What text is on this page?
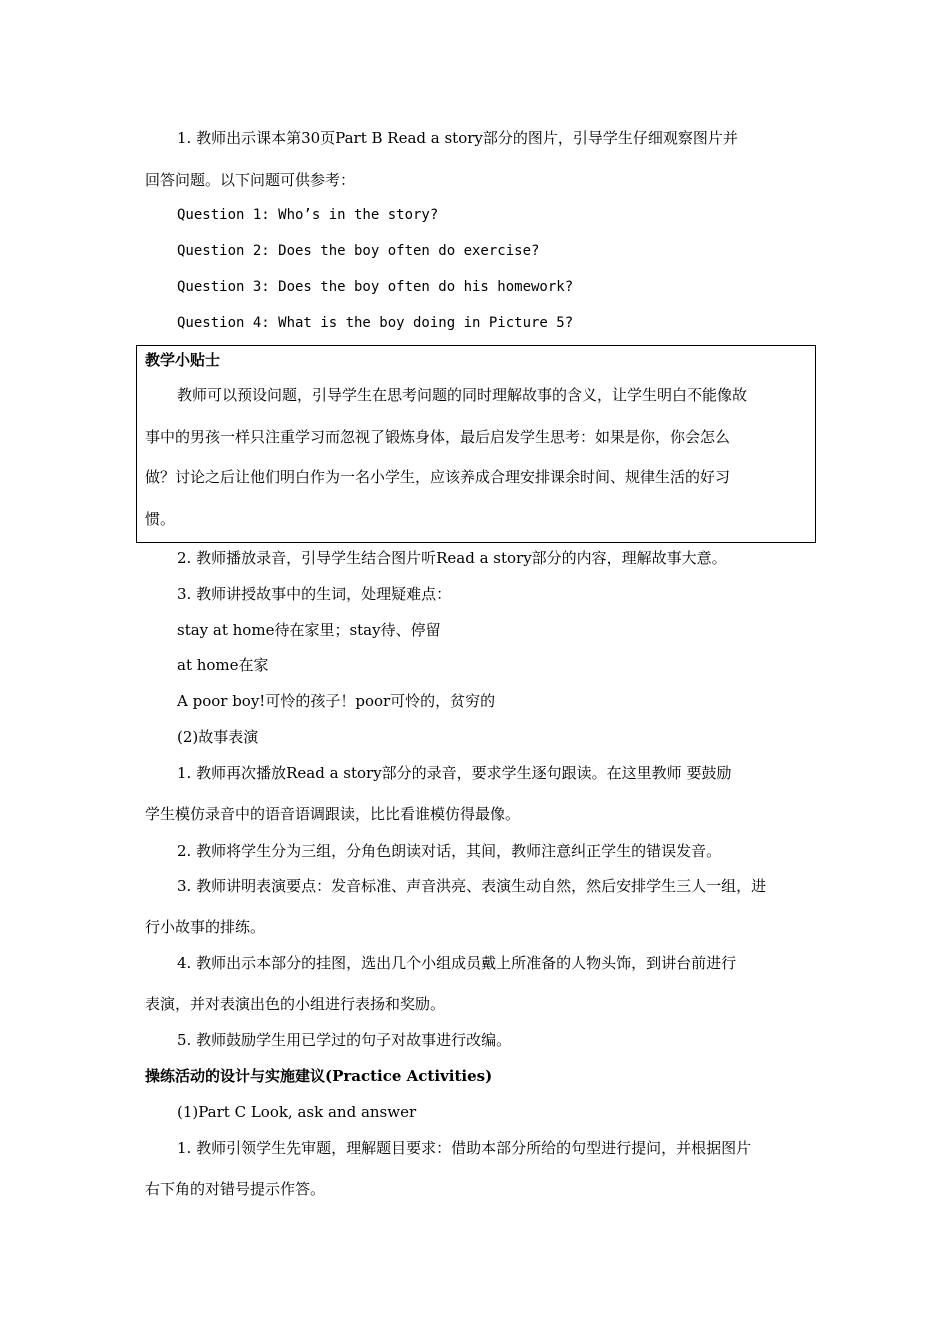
1. 教师出示课本第30页Part B Read a story部分的图片，引导学生仔细观察图片并
回答问题。以下问题可供参考：
Question 1: Who’s in the story?
Question 2: Does the boy often do exercise?
Question 3: Does the boy often do his homework?
Question 4: What is the boy doing in Picture 5?
教学小贴士
教师可以预设问题，引导学生在思考问题的同时理解故事的含义，让学生明白不能像故
事中的男孩一样只注重学习而忽视了锻炼身体，最后启发学生思考：如果是你，你会怎么
做？讨论之后让他们明白作为一名小学生，应该养成合理安排课余时间、规律生活的好习
惯。
2. 教师播放录音，引导学生结合图片听Read a story部分的内容，理解故事大意。
3. 教师讲授故事中的生词，处理疑难点：
stay at home待在家里；stay待、停留
at home在家
A poor boy!可怜的孩子！poor可怜的，贫穷的
(2)故事表演
1. 教师再次播放Read a story部分的录音，要求学生逐句跟读。在这里教师 要鼓励
学生模仿录音中的语音语调跟读，比比看谁模仿得最像。
2. 教师将学生分为三组，分角色朗读对话，其间，教师注意纠正学生的错误发音。
3. 教师讲明表演要点：发音标准、声音洪亮、表演生动自然，然后安排学生三人一组，进
行小故事的排练。
4. 教师出示本部分的挂图，选出几个小组成员戴上所准备的人物头饰，到讲台前进行
表演，并对表演出色的小组进行表扬和奖励。
5. 教师鼓励学生用已学过的句子对故事进行改编。
操练活动的设计与实施建议(Practice Activities)
(1)Part C Look, ask and answer
1. 教师引领学生先审题，理解题目要求：借助本部分所给的句型进行提问，并根据图片
右下角的对错号提示作答。
